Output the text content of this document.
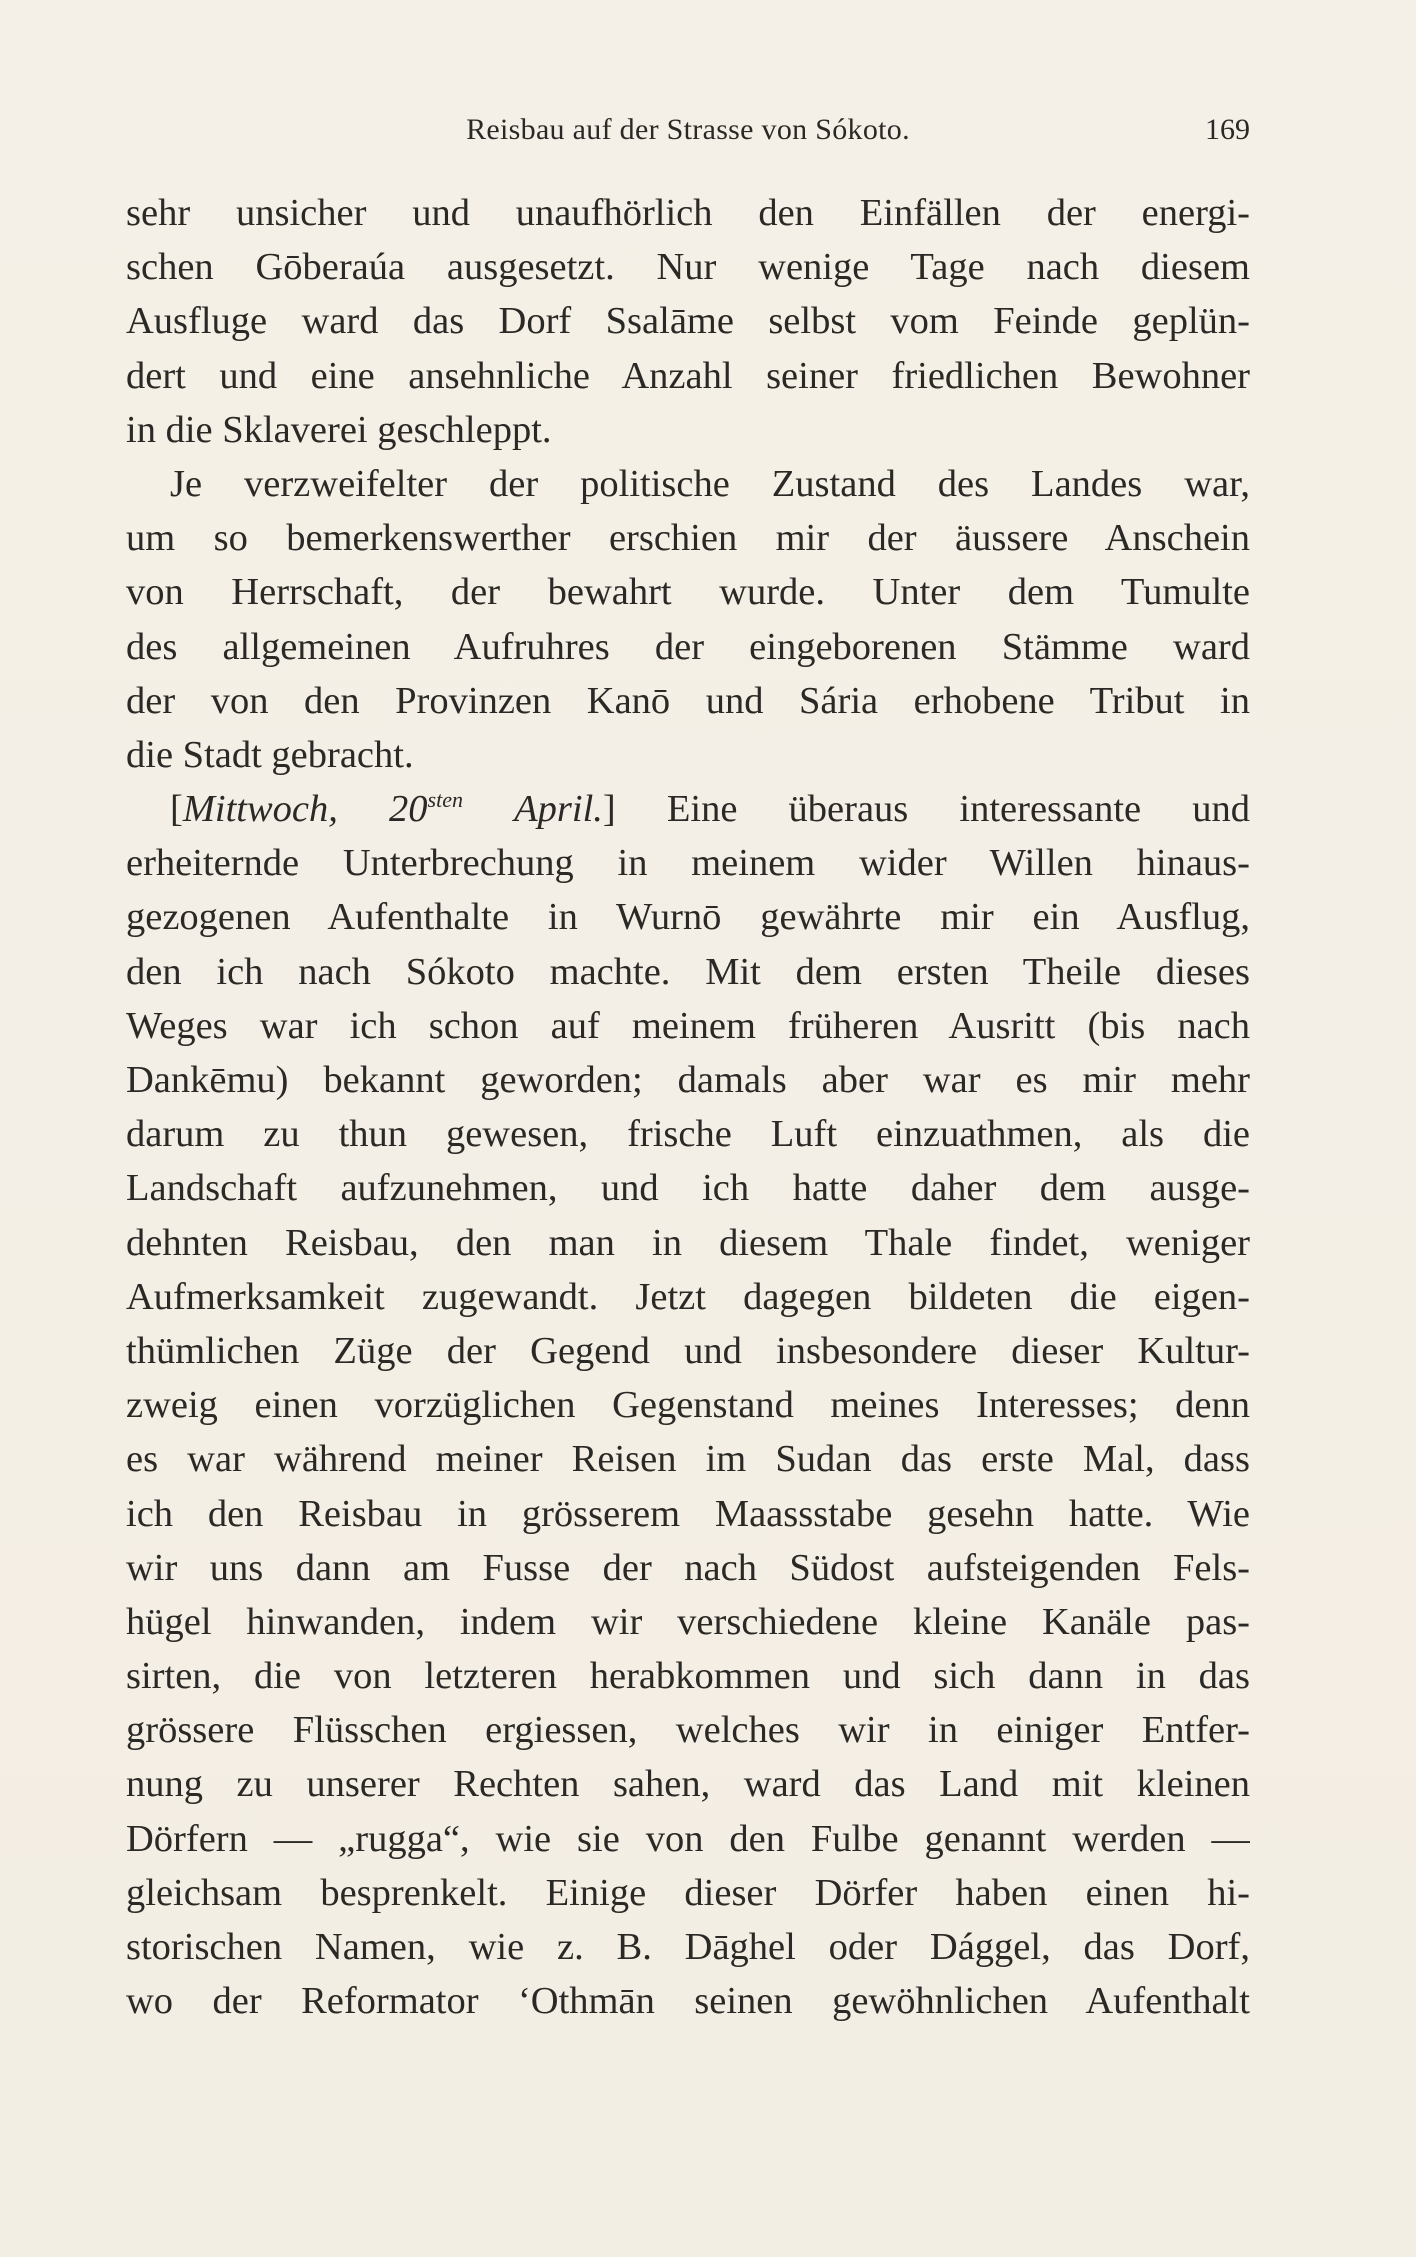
Reisbau auf der Strasse von Sókoto.	169
sehr unsicher und unaufhörlich den Einfällen der energi-
schen Gōberaúa ausgesetzt. Nur wenige Tage nach diesem
Ausfluge ward das Dorf Ssalāme selbst vom Feinde geplün-
dert und eine ansehnliche Anzahl seiner friedlichen Bewohner
in die Sklaverei geschleppt.
Je verzweifelter der politische Zustand des Landes war,
um so bemerkenswerther erschien mir der äussere Anschein
von Herrschaft, der bewahrt wurde. Unter dem Tumulte
des allgemeinen Aufruhres der eingeborenen Stämme ward
der von den Provinzen Kanō und Sária erhobene Tribut in
die Stadt gebracht.
[Mittwoch, $20^{sten}$ April.] Eine überaus interessante und
erheiternde Unterbrechung in meinem wider Willen hinaus-
gezogenen Aufenthalte in Wurnō gewährte mir ein Ausflug,
den ich nach Sókoto machte. Mit dem ersten Theile dieses
Weges war ich schon auf meinem früheren Ausritt (bis nach
Dankēmu) bekannt geworden; damals aber war es mir mehr
darum zu thun gewesen, frische Luft einzuathmen, als die
Landschaft aufzunehmen, und ich hatte daher dem ausge-
dehnten Reisbau, den man in diesem Thale findet, weniger
Aufmerksamkeit zugewandt. Jetzt dagegen bildeten die eigen-
thümlichen Züge der Gegend und insbesondere dieser Kultur-
zweig einen vorzüglichen Gegenstand meines Interesses; denn
es war während meiner Reisen im Sudan das erste Mal, dass
ich den Reisbau in grösserem Maassstabe gesehn hatte. Wie
wir uns dann am Fusse der nach Südost aufsteigenden Fels-
hügel hinwanden, indem wir verschiedene kleine Kanäle pas-
sirten, die von letzteren herabkommen und sich dann in das
grössere Flüsschen ergiessen, welches wir in einiger Entfer-
nung zu unserer Rechten sahen, ward das Land mit kleinen
Dörfern — „rugga“, wie sie von den Fulbe genannt werden —
gleichsam besprenkelt. Einige dieser Dörfer haben einen hi-
storischen Namen, wie z. B. Dāghel oder Dággel, das Dorf,
wo der Reformator ‘Othmān seinen gewöhnlichen Aufenthalt
